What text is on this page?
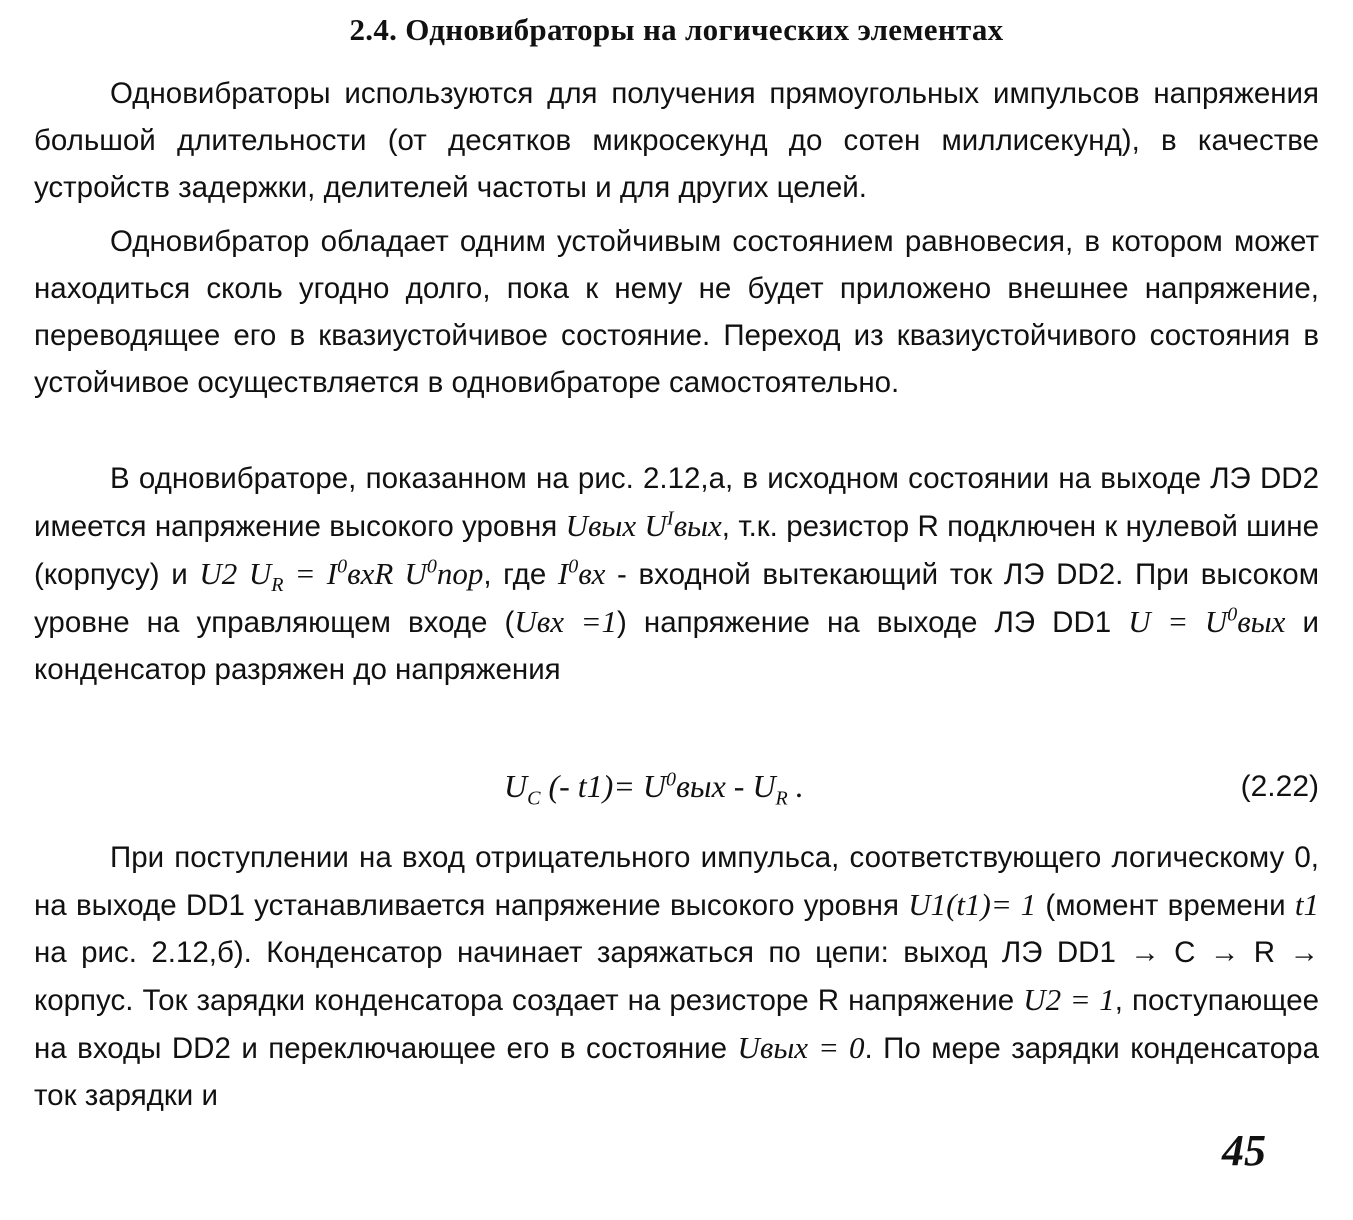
2.4. Одновибраторы на логических элементах

Одновибраторы используются для получения прямоугольных импульсов напряжения большой длительности (от десятков микросекунд до сотен миллисекунд), в качестве устройств задержки, делителей частоты и для других целей.

Одновибратор обладает одним устойчивым состоянием равновесия, в котором может находиться сколь угодно долго, пока к нему не будет приложено внешнее напряжение, переводящее его в квазиустойчивое состояние. Переход из квазиустойчивого состояния в устойчивое осуществляется в одновибраторе самостоятельно.

В одновибраторе, показанном на рис. 2.12,а, в исходном состоянии на выходе ЛЭ DD2 имеется напряжение высокого уровня Uвых $U^Iвых$, т.к. резистор R подключен к нулевой шине (корпусу) и U2 $U_R = I^0вхR$ $U^0пор$, где $I^0вх$ - входной вытекающий ток ЛЭ DD2. При высоком уровне на управляющем входе (Uвх =1) напряжение на выходе ЛЭ DD1 $U = U^0вых$ и конденсатор разряжен до напряжения

$U_C$ (- $t1)= U^0вых - U_R$ .	(2.22)

При поступлении на вход отрицательного импульса, соответствующего логическому 0, на выходе DD1 устанавливается напряжение высокого уровня U1(t1)= 1 (момент времени t1 на рис. 2.12,б). Конденсатор начинает заряжаться по цепи: выход ЛЭ DD1 → C → R → корпус. Ток зарядки конденсатора создает на резисторе R напряжение U2 = 1, поступающее на входы DD2 и переключающее его в состояние Uвых = 0. По мере зарядки конденсатора ток зарядки и

45
